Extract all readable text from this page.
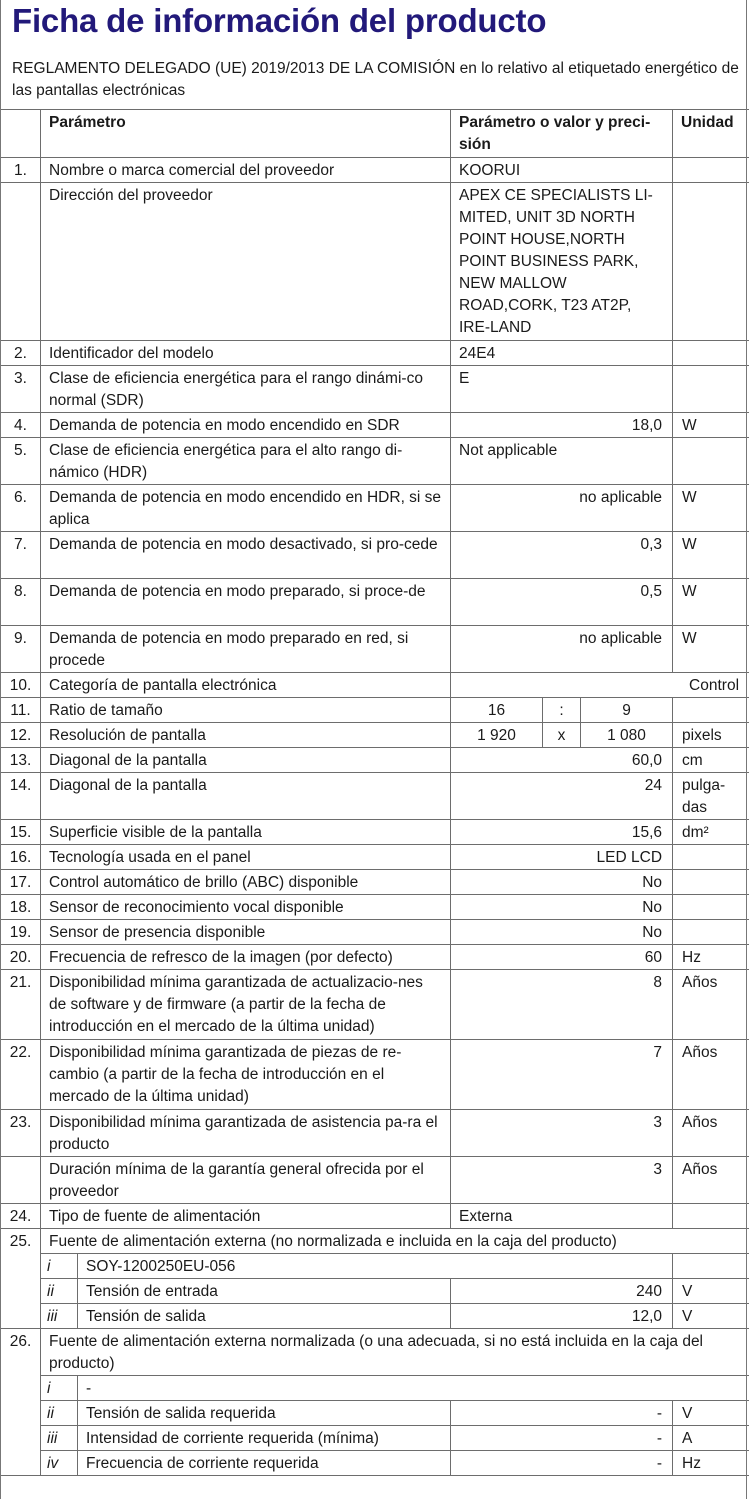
Ficha de información del producto
REGLAMENTO DELEGADO (UE) 2019/2013 DE LA COMISIÓN en lo relativo al etiquetado energético de las pantallas electrónicas
	Parámetro		Parámetro o valor y preci-sión			Unidad
1.	Nombre o marca comercial del proveedor		KOORUI			
	Dirección del proveedor		APEX CE SPECIALISTS LI-MITED, UNIT 3D NORTH POINT HOUSE,NORTH POINT BUSINESS PARK, NEW MALLOW ROAD,CORK, T23 AT2P, IRE-LAND			
2.	Identificador del modelo		24E4			
3.	Clase de eficiencia energética para el rango dinámi-co normal (SDR)		E			
4.	Demanda de potencia en modo encendido en SDR		18,0			W
5.	Clase de eficiencia energética para el alto rango di-námico (HDR)		Not applicable			
6.	Demanda de potencia en modo encendido en HDR, si se aplica		no aplicable			W
7.	Demanda de potencia en modo desactivado, si pro-cede		0,3			W
8.	Demanda de potencia en modo preparado, si proce-de		0,5			W
9.	Demanda de potencia en modo preparado en red, si procede		no aplicable			W
10.	Categoría de pantalla electrónica		Control			
11.	Ratio de tamaño		16	:	9	
12.	Resolución de pantalla		1 920	x	1 080	pixels
13.	Diagonal de la pantalla		60,0			cm
14.	Diagonal de la pantalla		24			pulga-das
15.	Superficie visible de la pantalla		15,6			dm²
16.	Tecnología usada en el panel		LED LCD			
17.	Control automático de brillo (ABC) disponible		No			
18.	Sensor de reconocimiento vocal disponible		No			
19.	Sensor de presencia disponible		No			
20.	Frecuencia de refresco de la imagen (por defecto)		60			Hz
21.	Disponibilidad mínima garantizada de actualizacio-nes de software y de firmware (a partir de la fecha de introducción en el mercado de la última unidad)		8			Años
22.	Disponibilidad mínima garantizada de piezas de re-cambio (a partir de la fecha de introducción en el mercado de la última unidad)		7			Años
23.	Disponibilidad mínima garantizada de asistencia pa-ra el producto		3			Años
	Duración mínima de la garantía general ofrecida por el proveedor		3			Años
24.	Tipo de fuente de alimentación		Externa			
25.	Fuente de alimentación externa (no normalizada e incluida en la caja del producto)					
	i	SOY-1200250EU-056				
	ii	Tensión de entrada	240			V
	iii	Tensión de salida	12,0			V
26.	Fuente de alimentación externa normalizada (o una adecuada, si no está incluida en la caja del producto)					
	i	-				
	ii	Tensión de salida requerida	-			V
	iii	Intensidad de corriente requerida (mínima)	-			A
	iv	Frecuencia de corriente requerida	-			Hz
